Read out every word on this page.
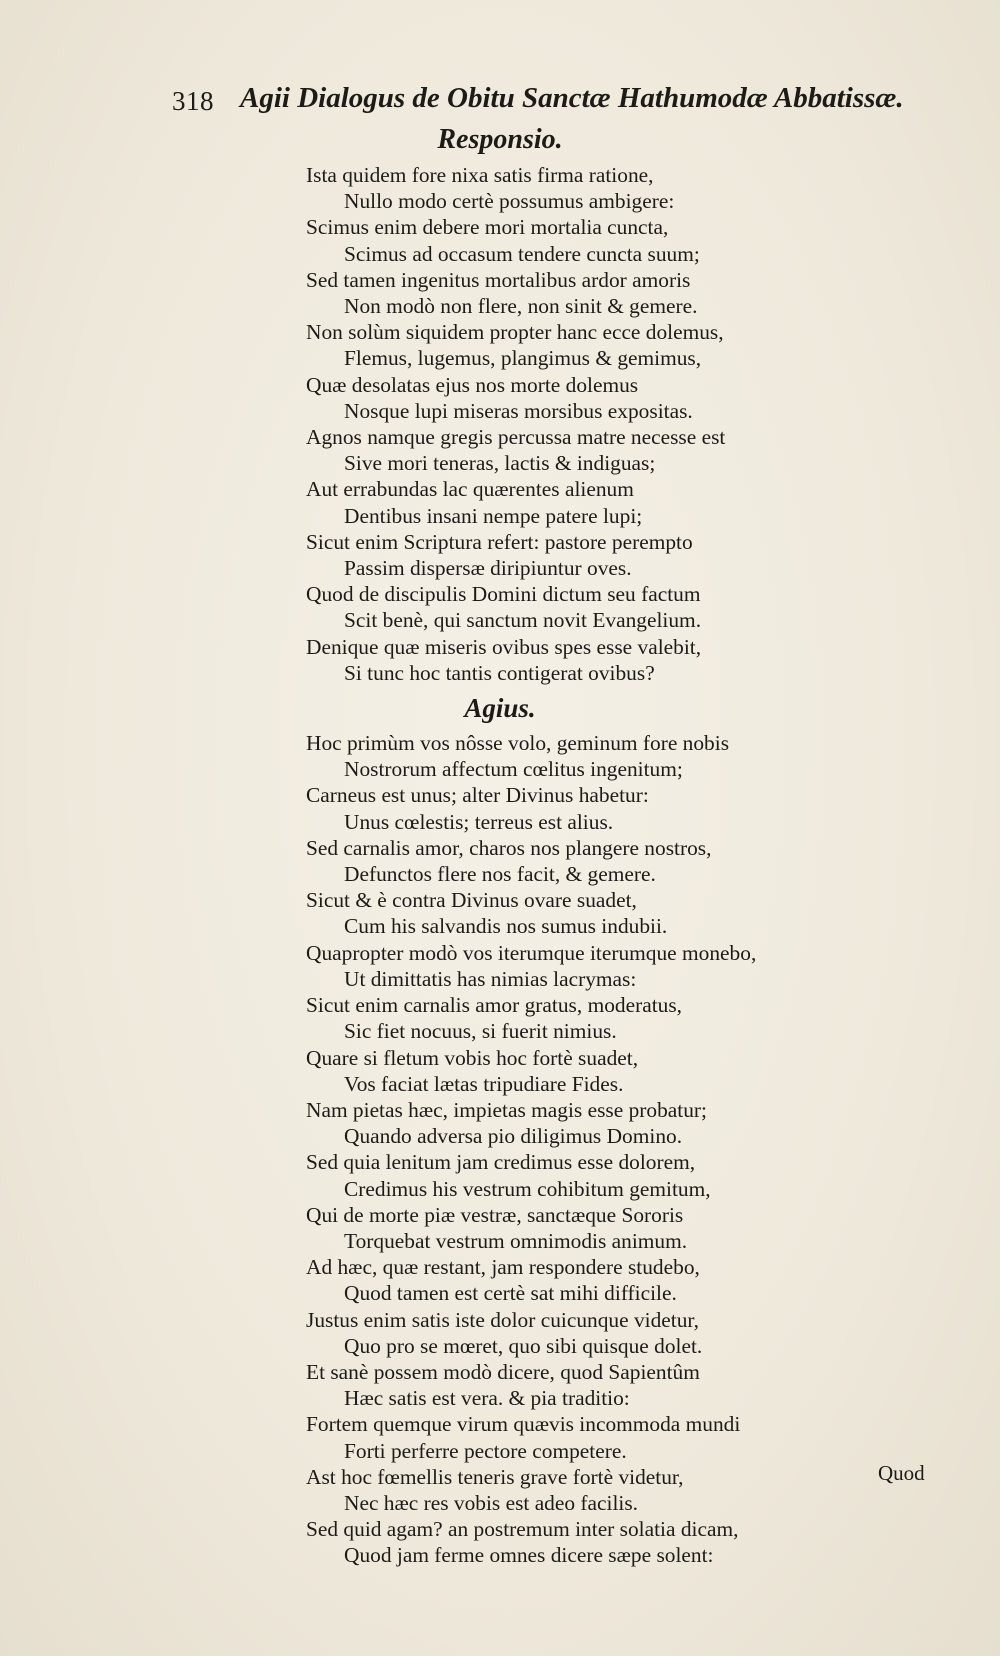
318 Agii Dialogus de Obitu Sanctæ Hathumodæ Abbatissæ.
Responsio.
Ista quidem fore nixa satis firma ratione,
Nullo modo certè possumus ambigere:
Scimus enim debere mori mortalia cuncta,
Scimus ad occasum tendere cuncta suum;
Sed tamen ingenitus mortalibus ardor amoris
Non modò non flere, non sinit & gemere.
Non solùm siquidem propter hanc ecce dolemus,
Flemus, lugemus, plangimus & gemimus,
Quæ desolatas ejus nos morte dolemus
Nosque lupi miseras morsibus expositas.
Agnos namque gregis percussa matre necesse est
Sive mori teneras, lactis & indiguas;
Aut errabundas lac quærentes alienum
Dentibus insani nempe patere lupi;
Sicut enim Scriptura refert: pastore perempto
Passim dispersæ diripiuntur oves.
Quod de discipulis Domini dictum seu factum
Scit benè, qui sanctum novit Evangelium.
Denique quæ miseris ovibus spes esse valebit,
Si tunc hoc tantis contigerat ovibus?
Agius.
Hoc primùm vos nôsse volo, geminum fore nobis
Nostrorum affectum cœlitus ingenitum;
Carneus est unus; alter Divinus habetur:
Unus cœlestis; terreus est alius.
Sed carnalis amor, charos nos plangere nostros,
Defunctos flere nos facit, & gemere.
Sicut & è contra Divinus ovare suadet,
Cum his salvandis nos sumus indubii.
Quapropter modò vos iterumque iterumque monebo,
Ut dimittatis has nimias lacrymas:
Sicut enim carnalis amor gratus, moderatus,
Sic fiet nocuus, si fuerit nimius.
Quare si fletum vobis hoc fortè suadet,
Vos faciat lætas tripudiare Fides.
Nam pietas hæc, impietas magis esse probatur;
Quando adversa pio diligimus Domino.
Sed quia lenitum jam credimus esse dolorem,
Credimus his vestrum cohibitum gemitum,
Qui de morte piæ vestræ, sanctæque Sororis
Torquebat vestrum omnimodis animum.
Ad hæc, quæ restant, jam respondere studebo,
Quod tamen est certè sat mihi difficile.
Justus enim satis iste dolor cuicunque videtur,
Quo pro se mœret, quo sibi quisque dolet.
Et sanè possem modò dicere, quod Sapientûm
Hæc satis est vera. & pia traditio:
Fortem quemque virum quævis incommoda mundi
Forti perferre pectore competere.
Ast hoc fœmellis teneris grave fortè videtur,
Nec hæc res vobis est adeo facilis.
Sed quid agam? an postremum inter solatia dicam,
Quod jam ferme omnes dicere sæpe solent:
Quod
